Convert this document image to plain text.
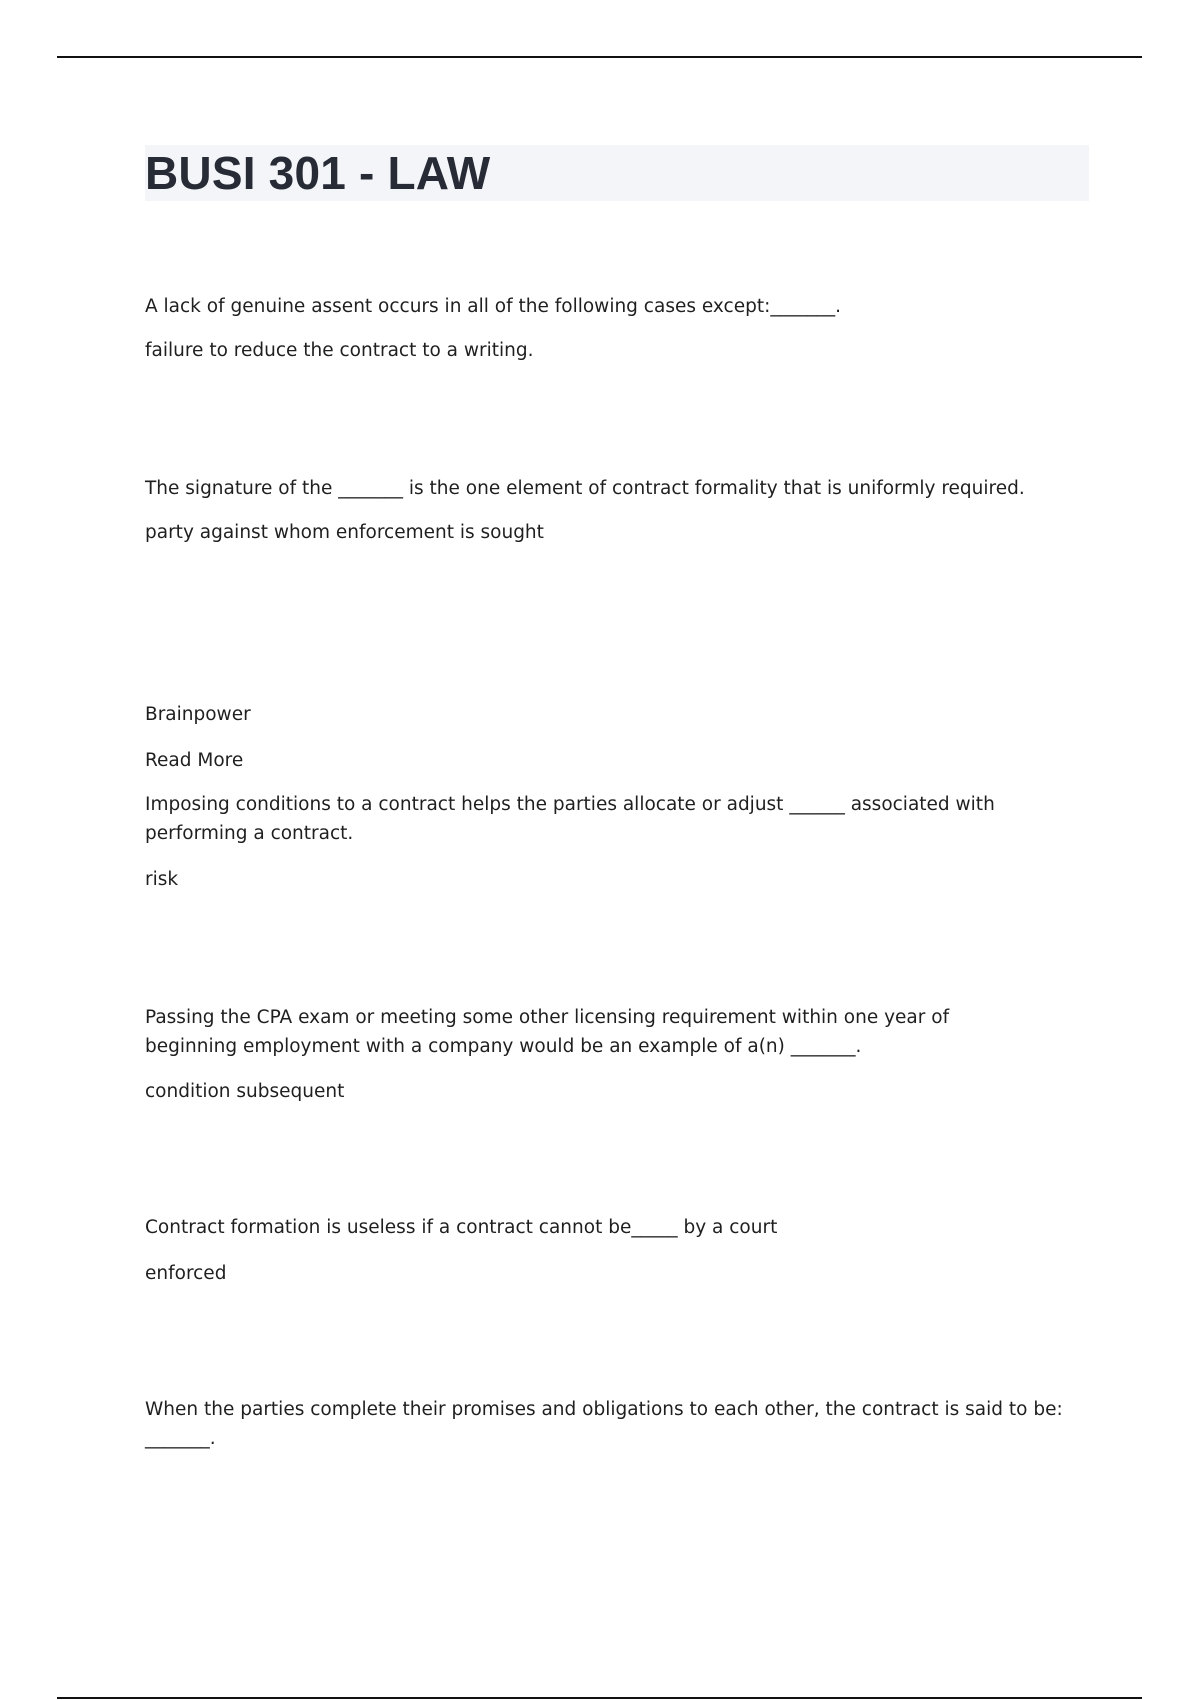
BUSI 301 - LAW
A lack of genuine assent occurs in all of the following cases except:_______.
failure to reduce the contract to a writing.
The signature of the _______ is the one element of contract formality that is uniformly required.
party against whom enforcement is sought
Brainpower
Read More
Imposing conditions to a contract helps the parties allocate or adjust ______ associated with performing a contract.
risk
Passing the CPA exam or meeting some other licensing requirement within one year of beginning employment with a company would be an example of a(n) _______.
condition subsequent
Contract formation is useless if a contract cannot be_____ by a court
enforced
When the parties complete their promises and obligations to each other, the contract is said to be: _______.
